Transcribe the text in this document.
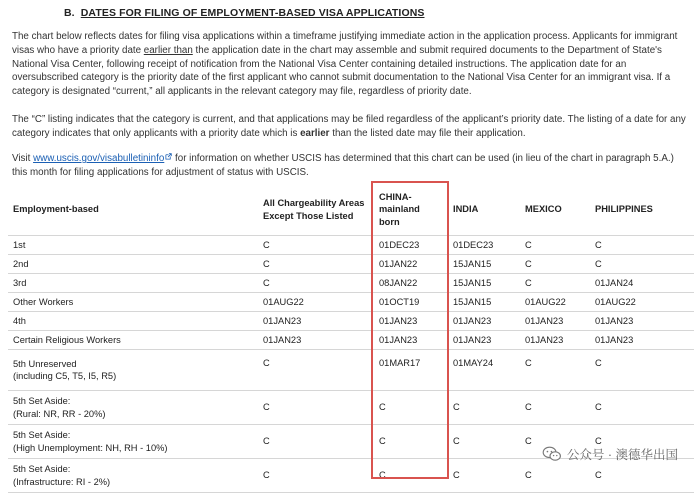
B. DATES FOR FILING OF EMPLOYMENT-BASED VISA APPLICATIONS
The chart below reflects dates for filing visa applications within a timeframe justifying immediate action in the application process. Applicants for immigrant visas who have a priority date earlier than the application date in the chart may assemble and submit required documents to the Department of State's National Visa Center, following receipt of notification from the National Visa Center containing detailed instructions. The application date for an oversubscribed category is the priority date of the first applicant who cannot submit documentation to the National Visa Center for an immigrant visa. If a category is designated “current,” all applicants in the relevant category may file, regardless of priority date.
The “C” listing indicates that the category is current, and that applications may be filed regardless of the applicant’s priority date. The listing of a date for any category indicates that only applicants with a priority date which is earlier than the listed date may file their application.
Visit www.uscis.gov/visabulletininfo for information on whether USCIS has determined that this chart can be used (in lieu of the chart in paragraph 5.A.) this month for filing applications for adjustment of status with USCIS.
Employment-based	All Chargeability Areas Except Those Listed	CHINA-mainland born	INDIA	MEXICO	PHILIPPINES
1st	C	01DEC23	01DEC23	C	C
2nd	C	01JAN22	15JAN15	C	C
3rd	C	08JAN22	15JAN15	C	01JAN24
Other Workers	01AUG22	01OCT19	15JAN15	01AUG22	01AUG22
4th	01JAN23	01JAN23	01JAN23	01JAN23	01JAN23
Certain Religious Workers	01JAN23	01JAN23	01JAN23	01JAN23	01JAN23
5th Unreserved
(including C5, T5, I5, R5)	C	01MAR17	01MAY24	C	C
5th Set Aside:
(Rural: NR, RR - 20%)	C	C	C	C	C
5th Set Aside:
(High Unemployment: NH, RH - 10%)	C	C	C	C	C
5th Set Aside:
(Infrastructure: RI - 2%)	C	C	C	C	C
公众号 · 澳德华出国
